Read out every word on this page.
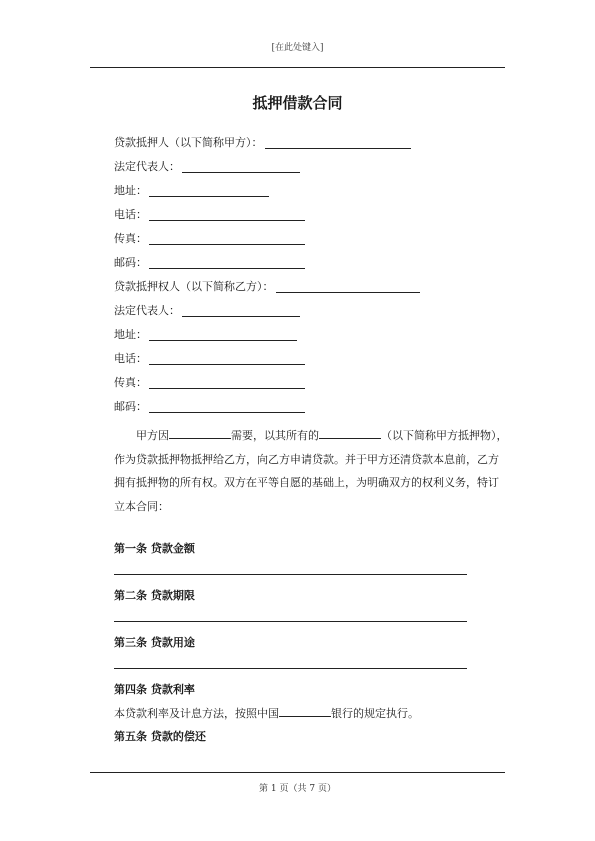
[在此处键入]
抵押借款合同
贷款抵押人（以下简称甲方）：
法定代表人：
地址：
电话：
传真：
邮码：
贷款抵押权人（以下简称乙方）：
法定代表人：
地址：
电话：
传真：
邮码：
甲方因	需要，以其所有的	（以下简称甲方抵押物），
作为贷款抵押物抵押给乙方，向乙方申请贷款。并于甲方还清贷款本息前，乙方
拥有抵押物的所有权。双方在平等自愿的基础上，为明确双方的权利义务，特订
立本合同：
第一条 贷款金额
第二条 贷款期限
第三条 贷款用途
第四条 贷款利率
本贷款利率及计息方法，按照中国	银行的规定执行。
第五条 贷款的偿还
第 1 页（共 7 页）
